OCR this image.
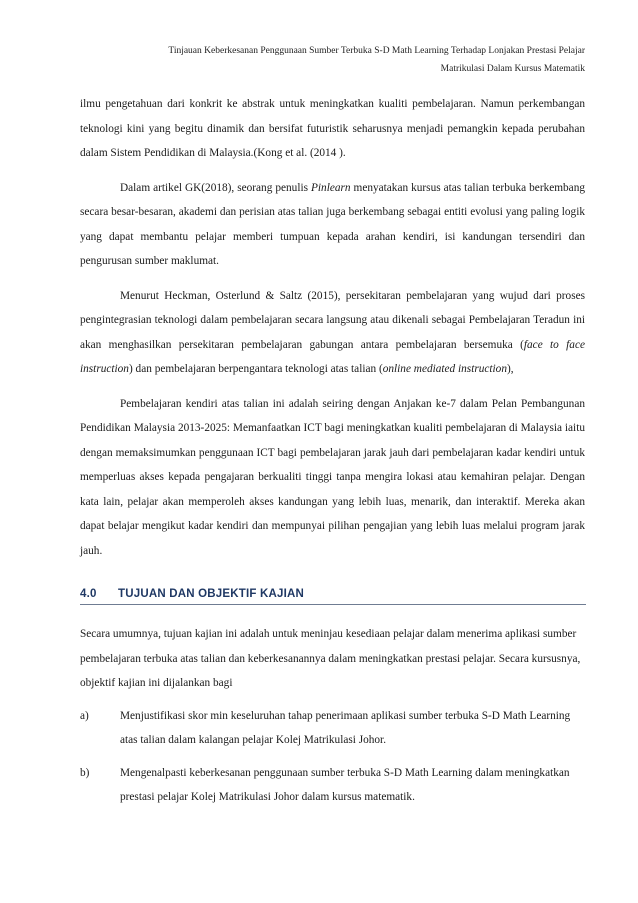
Tinjauan Keberkesanan Penggunaan Sumber Terbuka S-D Math Learning Terhadap Lonjakan Prestasi Pelajar
Matrikulasi Dalam Kursus Matematik

ilmu pengetahuan dari konkrit ke abstrak untuk meningkatkan kualiti pembelajaran. Namun perkembangan teknologi kini yang begitu dinamik dan bersifat futuristik seharusnya menjadi pemangkin kepada perubahan dalam Sistem Pendidikan di Malaysia.(Kong et al. (2014 ).

Dalam artikel GK(2018), seorang penulis Pinlearn menyatakan kursus atas talian terbuka berkembang secara besar-besaran, akademi dan perisian atas talian juga berkembang sebagai entiti evolusi yang paling logik yang dapat membantu pelajar memberi tumpuan kepada arahan kendiri, isi kandungan tersendiri dan pengurusan sumber maklumat.

Menurut Heckman, Osterlund & Saltz (2015), persekitaran pembelajaran yang wujud dari proses pengintegrasian teknologi dalam pembelajaran secara langsung atau dikenali sebagai Pembelajaran Teradun ini akan menghasilkan persekitaran pembelajaran gabungan antara pembelajaran bersemuka (face to face instruction) dan pembelajaran berpengantara teknologi atas talian (online mediated instruction),

Pembelajaran kendiri atas talian ini adalah seiring dengan Anjakan ke-7 dalam Pelan Pembangunan Pendidikan Malaysia 2013-2025: Memanfaatkan ICT bagi meningkatkan kualiti pembelajaran di Malaysia iaitu dengan memaksimumkan penggunaan ICT bagi pembelajaran jarak jauh dari pembelajaran kadar kendiri untuk memperluas akses kepada pengajaran berkualiti tinggi tanpa mengira lokasi atau kemahiran pelajar. Dengan kata lain, pelajar akan memperoleh akses kandungan yang lebih luas, menarik, dan interaktif. Mereka akan dapat belajar mengikut kadar kendiri dan mempunyai pilihan pengajian yang lebih luas melalui program jarak jauh.

4.0 TUJUAN DAN OBJEKTIF KAJIAN

Secara umumnya, tujuan kajian ini adalah untuk meninjau kesediaan pelajar dalam menerima aplikasi sumber pembelajaran terbuka atas talian dan keberkesanannya dalam meningkatkan prestasi pelajar. Secara kursusnya, objektif kajian ini dijalankan bagi

a)	Menjustifikasi skor min keseluruhan tahap penerimaan aplikasi sumber terbuka S-D Math Learning atas talian dalam kalangan pelajar Kolej Matrikulasi Johor.
b)	Mengenalpasti keberkesanan penggunaan sumber terbuka S-D Math Learning dalam meningkatkan prestasi pelajar Kolej Matrikulasi Johor dalam kursus matematik.
